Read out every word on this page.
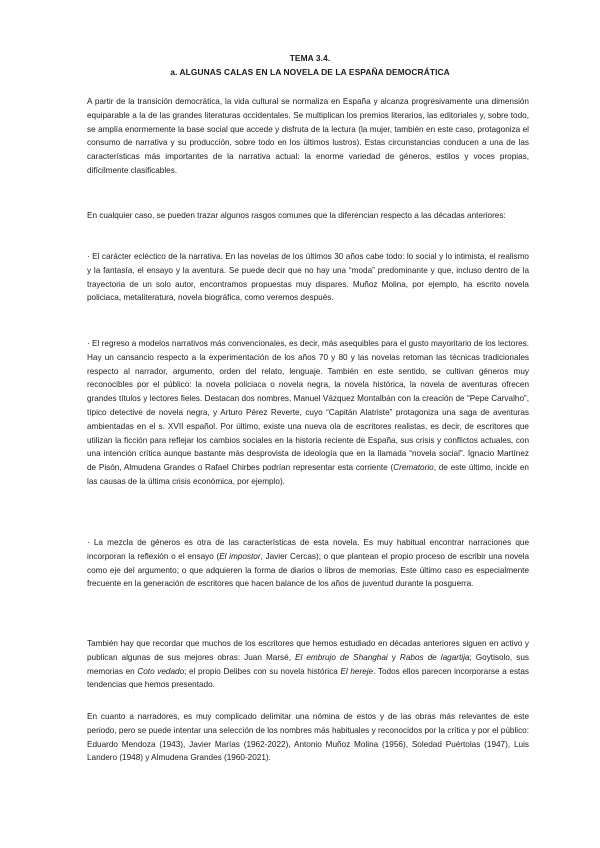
TEMA 3.4.
a. ALGUNAS CALAS EN LA NOVELA DE LA ESPAÑA DEMOCRÁTICA

A partir de la transición democrática, la vida cultural se normaliza en España y alcanza progresivamente una dimensión equiparable a la de las grandes literaturas occidentales. Se multiplican los premios literarios, las editoriales y, sobre todo, se amplía enormemente la base social que accede y disfruta de la lectura (la mujer, también en este caso, protagoniza el consumo de narrativa y su producción, sobre todo en los últimos lustros). Estas circunstancias conducen a una de las características más importantes de la narrativa actual: la enorme variedad de géneros, estilos y voces propias, difícilmente clasificables.

En cualquier caso, se pueden trazar algunos rasgos comunes que la diferencian respecto a las décadas anteriores:

· El carácter ecléctico de la narrativa. En las novelas de los últimos 30 años cabe todo: lo social y lo intimista, el realismo y la fantasía, el ensayo y la aventura. Se puede decir que no hay una “moda” predominante y que, incluso dentro de la trayectoria de un solo autor, encontramos propuestas muy dispares. Muñoz Molina, por ejemplo, ha escrito novela policiaca, metaliteratura, novela biográfica, como veremos después.

· El regreso a modelos narrativos más convencionales, es decir, más asequibles para el gusto mayoritario de los lectores. Hay un cansancio respecto a la experimentación de los años 70 y 80 y las novelas retoman las técnicas tradicionales respecto al narrador, argumento, orden del relato, lenguaje. También en este sentido, se cultivan géneros muy reconocibles por el público: la novela policiaca o novela negra, la novela histórica, la novela de aventuras ofrecen grandes títulos y lectores fieles. Destacan dos nombres, Manuel Vázquez Montalbán con la creación de “Pepe Carvalho”, típico detective de novela negra, y Arturo Pérez Reverte, cuyo “Capitán Alatriste” protagoniza una saga de aventuras ambientadas en el s. XVII español. Por último, existe una nueva ola de escritores realistas, es decir, de escritores que utilizan la ficción para reflejar los cambios sociales en la historia reciente de España, sus crisis y conflictos actuales, con una intención crítica aunque bastante más desprovista de ideología que en la llamada “novela social”. Ignacio Martínez de Pisón, Almudena Grandes o Rafael Chirbes podrían representar esta corriente (Crematorio, de este último, incide en las causas de la última crisis económica, por ejemplo).

· La mezcla de géneros es otra de las características de esta novela. Es muy habitual encontrar narraciones que incorporan la reflexión o el ensayo (El impostor, Javier Cercas); o que plantean el propio proceso de escribir una novela como eje del argumento; o que adquieren la forma de diarios o libros de memorias. Este último caso es especialmente frecuente en la generación de escritores que hacen balance de los años de juventud durante la posguerra.

También hay que recordar que muchos de los escritores que hemos estudiado en décadas anteriores siguen en activo y publican algunas de sus mejores obras: Juan Marsé, El embrujo de Shanghai y Rabos de lagartija; Goytisolo, sus memorias en Coto vedado; el propio Delibes con su novela histórica El hereje. Todos ellos parecen incorporarse a estas tendencias que hemos presentado.

En cuanto a narradores, es muy complicado delimitar una nómina de estos y de las obras más relevantes de este periodo, pero se puede intentar una selección de los nombres más habituales y reconocidos por la crítica y por el público: Eduardo Mendoza (1943), Javier Marías (1962-2022), Antonio Muñoz Molina (1956), Soledad Puértolas (1947), Luis Landero (1948) y Almudena Grandes (1960-2021).
